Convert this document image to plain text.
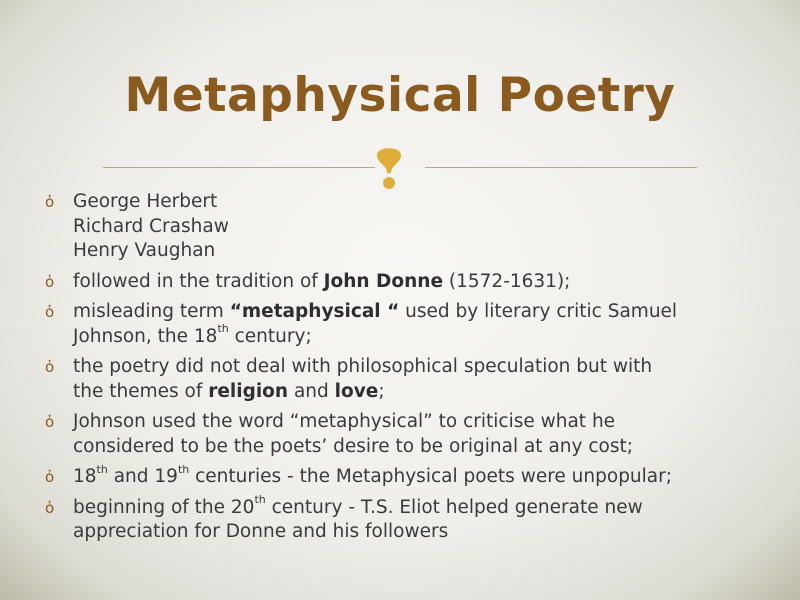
Metaphysical Poetry
ὀ George Herbert
Richard Crashaw
Henry Vaughan
ὀ followed in the tradition of John Donne (1572-1631);
ὀ misleading term “metaphysical “ used by literary critic Samuel
Johnson, the 18th century;
ὀ the poetry did not deal with philosophical speculation but with
the themes of religion and love;
ὀ Johnson used the word “metaphysical” to criticise what he
considered to be the poets’ desire to be original at any cost;
ὀ 18th and 19th centuries - the Metaphysical poets were unpopular;
ὀ beginning of the 20th century - T.S. Eliot helped generate new
appreciation for Donne and his followers
